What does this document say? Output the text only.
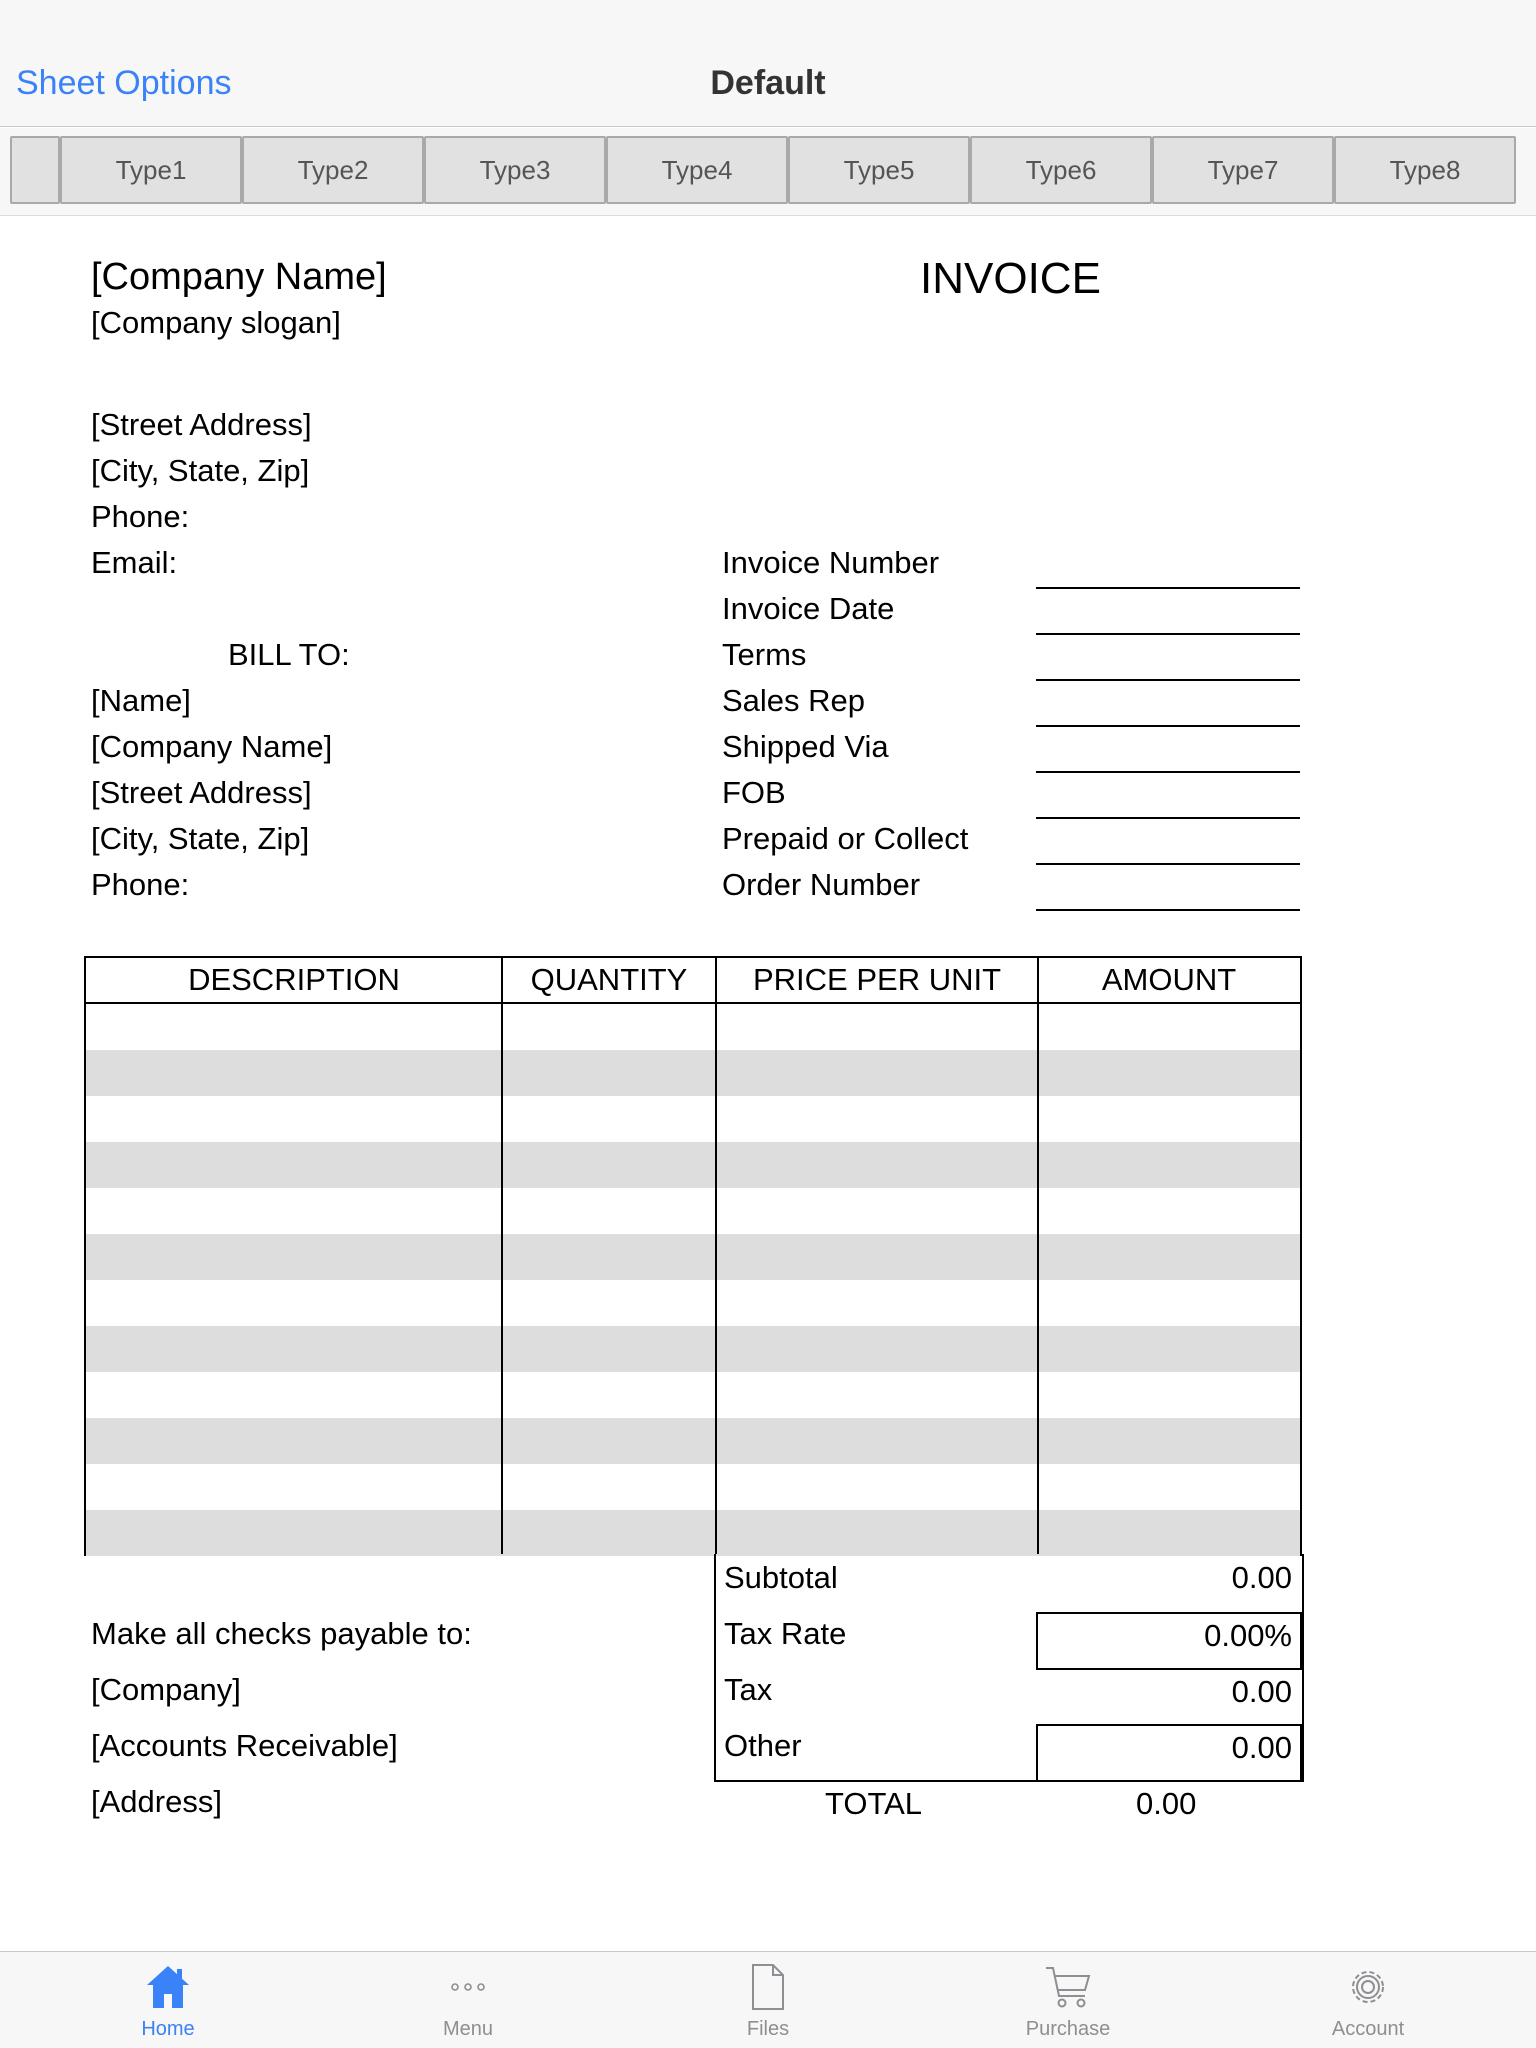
Sheet Options	Default
Type1	Type2	Type3	Type4	Type5	Type6	Type7	Type8
[Company Name]
[Company slogan]
[Street Address]
[City, State, Zip]
Phone:
Email:
INVOICE
Invoice Number
Invoice Date
Terms
Sales Rep
Shipped Via
FOB
Prepaid or Collect
Order Number
BILL TO:
[Name]
[Company Name]
[Street Address]
[City, State, Zip]
Phone:
DESCRIPTION	QUANTITY	PRICE PER UNIT	AMOUNT
Make all checks payable to:
[Company]
[Accounts Receivable]
[Address]
Subtotal	0.00
Tax Rate	0.00%
Tax	0.00
Other	0.00
TOTAL	0.00
Home	Menu	Files	Purchase	Account
